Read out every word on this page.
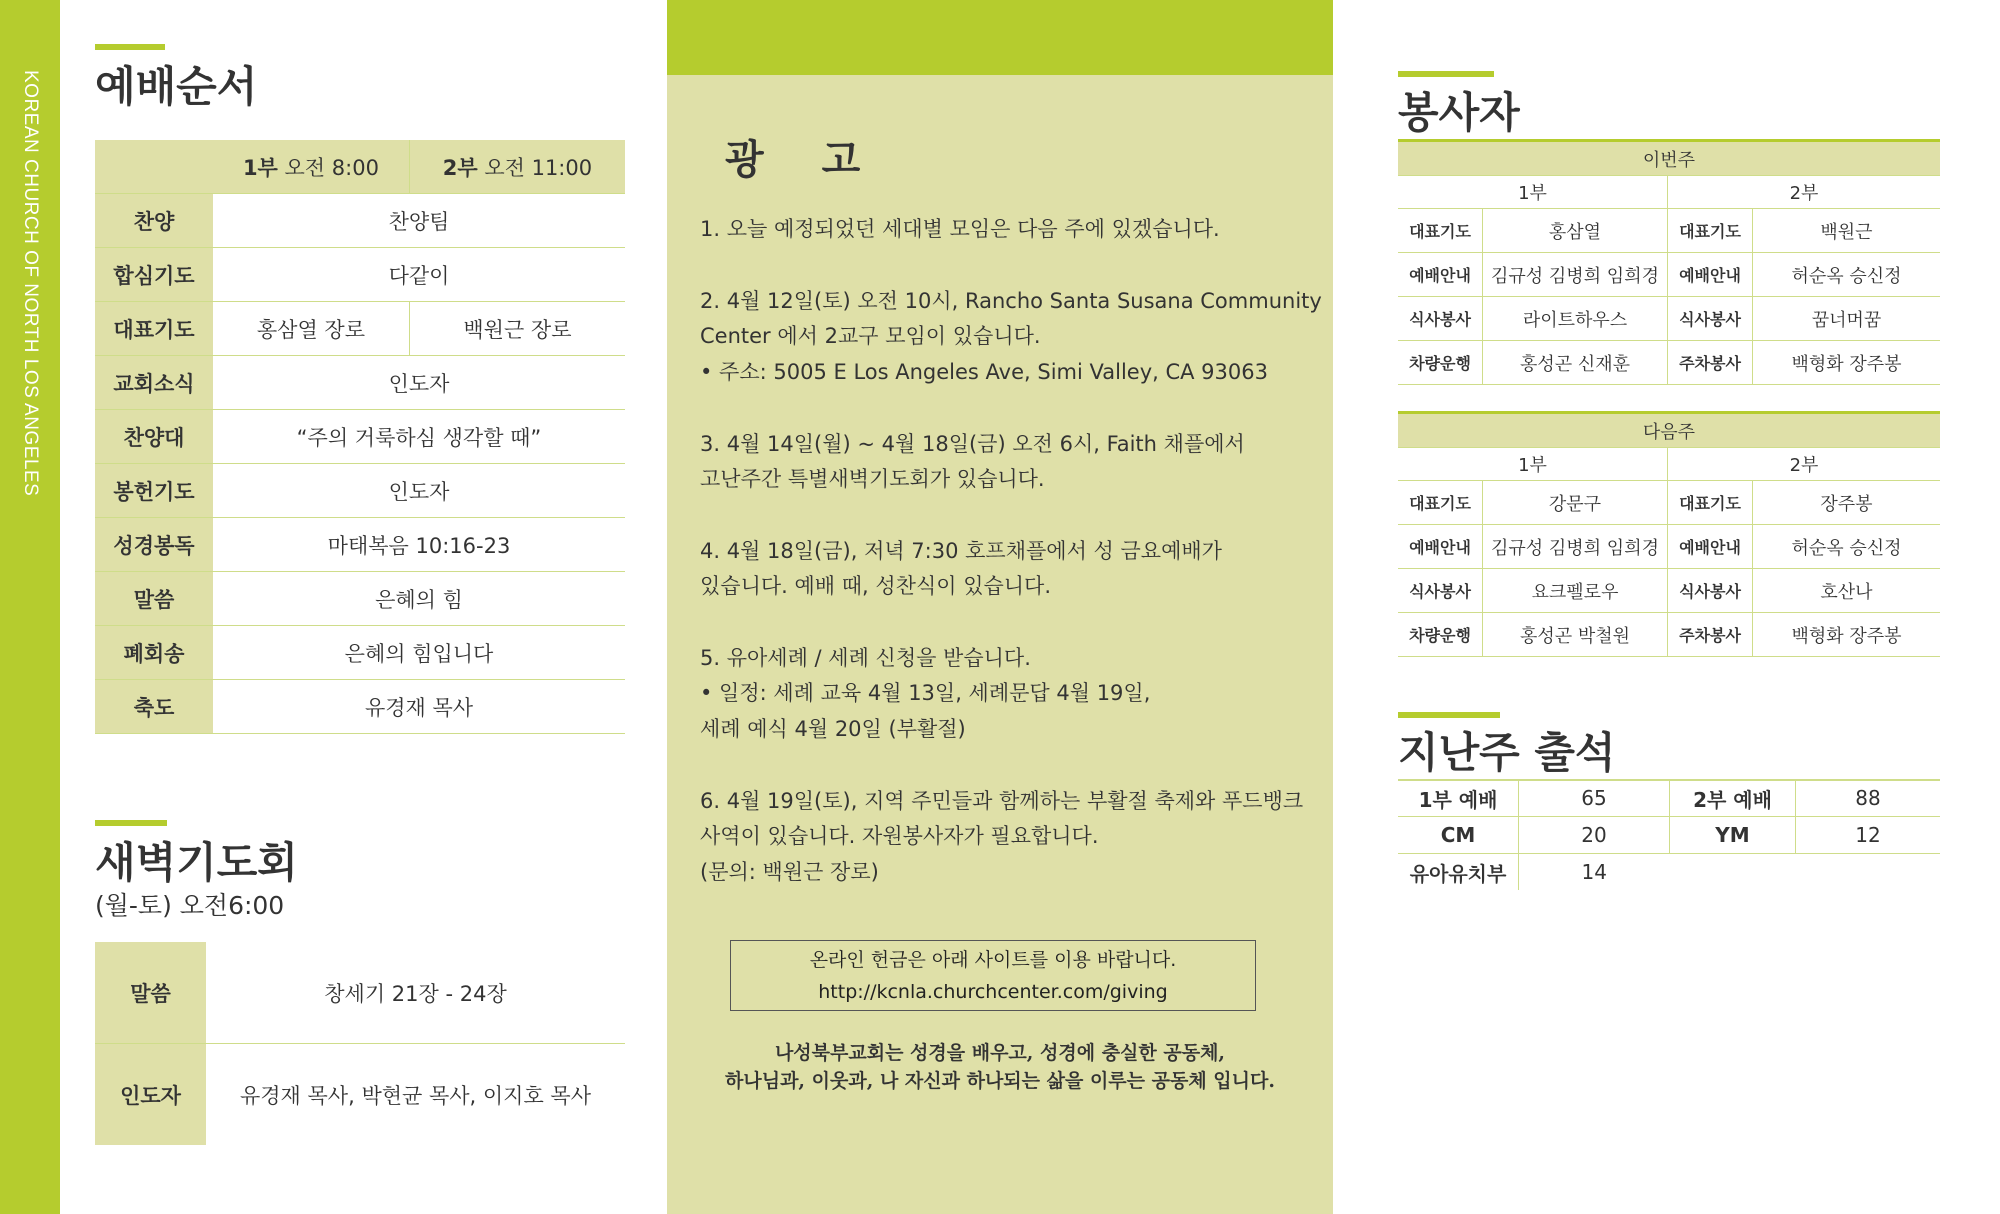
KOREAN CHURCH OF NORTH LOS ANGELES 예배순서
	1부 오전 8:00	2부 오전 11:00
찬양	찬양팀	
합심기도	다같이	
대표기도	홍삼열 장로	백원근 장로
교회소식	인도자	
찬양대	“주의 거룩하심 생각할 때”	
봉헌기도	인도자	
성경봉독	마태복음 10:16-23	
말씀	은혜의 힘	
폐회송	은혜의 힘입니다	
축도	유경재 목사	
새벽기도회
(월-토) 오전6:00
말씀	창세기 21장 - 24장
인도자	유경재 목사, 박현균 목사, 이지호 목사
광 고
1. 오늘 예정되었던 세대별 모임은 다음 주에 있겠습니다.
2. 4월 12일(토) 오전 10시, Rancho Santa Susana Community
Center 에서 2교구 모임이 있습니다.
• 주소: 5005 E Los Angeles Ave, Simi Valley, CA 93063
3. 4월 14일(월) ~ 4월 18일(금) 오전 6시, Faith 채플에서
고난주간 특별새벽기도회가 있습니다.
4. 4월 18일(금), 저녁 7:30 호프채플에서 성 금요예배가
있습니다. 예배 때, 성찬식이 있습니다.
5. 유아세례 / 세례 신청을 받습니다.
• 일정: 세례 교육 4월 13일, 세례문답 4월 19일,
세례 예식 4월 20일 (부활절)
6. 4월 19일(토), 지역 주민들과 함께하는 부활절 축제와 푸드뱅크
사역이 있습니다. 자원봉사자가 필요합니다.
(문의: 백원근 장로)
온라인 헌금은 아래 사이트를 이용 바랍니다.
http://kcnla.churchcenter.com/giving
나성북부교회는 성경을 배우고, 성경에 충실한 공동체,
하나님과, 이웃과, 나 자신과 하나되는 삶을 이루는 공동체 입니다.
봉사자
이번주			
1부		2부	
대표기도	홍삼열	대표기도	백원근
예배안내	김규성 김병희 임희경	예배안내	허순옥 승신정
식사봉사	라이트하우스	식사봉사	꿈너머꿈
차량운행	홍성곤 신재훈	주차봉사	백형화 장주봉
다음주			
1부		2부	
대표기도	강문구	대표기도	장주봉
예배안내	김규성 김병희 임희경	예배안내	허순옥 승신정
식사봉사	요크펠로우	식사봉사	호산나
차량운행	홍성곤 박철원	주차봉사	백형화 장주봉
지난주 출석
1부 예배	65	2부 예배	88
CM	20	YM	12
유아유치부	14		
